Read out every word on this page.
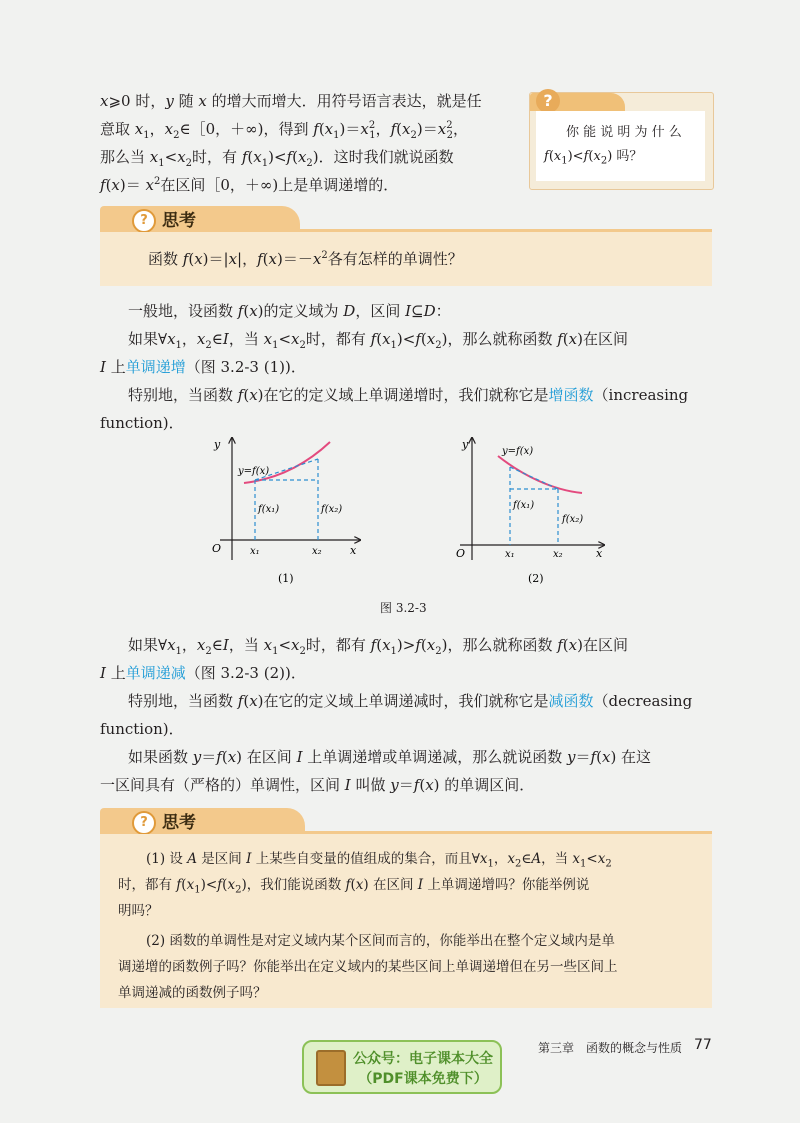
x⩾0 时，y 随 x 的增大而增大．用符号语言表达，就是任
意取 $x_1$，$x_2\in[0$，＋∞)，得到 $f(x_1)=x^2_1$，$f(x_2)=x^2_2$，
那么当 $x_1<x_2$时，有 $f(x_1)<f(x_2)$．这时我们就说函数
$f(x)= x^2$在区间［0，＋∞)上是单调递增的．
?
你 能 说 明 为 什 么
$f(x_1)<f(x_2)$ 吗？
? 思考
函数 f(x)＝|x|，$f(x)=-x^2$各有怎样的单调性？
一般地，设函数 f(x)的定义域为 D，区间 I⊆D：
如果$\forall x_1$，$x_2\in I$，当 $x_1<x_2$时，都有 $f(x_1)<f(x_2)$，那么就称函数 f(x)在区间
I 上单调递增（图 3.2-3 (1))．
特别地，当函数 f(x)在它的定义域上单调递增时，我们就称它是增函数（increasing
function)．
y
O	x
y=f(x)
f(x₁)	f(x₂)
x₁	x₂
(1)
y
O	x
y=f(x)
f(x₁)
f(x₂)
x₁	x₂
(2)
图 3.2-3
如果$\forall x_1$，$x_2\in I$，当 $x_1<x_2$时，都有 $f(x_1)>f(x_2)$，那么就称函数 f(x)在区间
I 上单调递减（图 3.2-3 (2))．
特别地，当函数 f(x)在它的定义域上单调递减时，我们就称它是减函数（decreasing
function)．
如果函数 y＝f(x) 在区间 I 上单调递增或单调递减，那么就说函数 y＝f(x) 在这
一区间具有（严格的）单调性，区间 I 叫做 y＝f(x) 的单调区间．
? 思考
(1) 设 A 是区间 I 上某些自变量的值组成的集合，而且$\forall x_1$，$x_2\in A$，当 $x_1<x_2$
时，都有 $f(x_1)<f(x_2)$，我们能说函数 f(x) 在区间 I 上单调递增吗？你能举例说
明吗？
(2) 函数的单调性是对定义域内某个区间而言的，你能举出在整个定义域内是单
调递增的函数例子吗？你能举出在定义域内的某些区间上单调递增但在另一些区间上
单调递减的函数例子吗？
第三章　函数的概念与性质 77
公众号：电子课本大全
（PDF课本免费下）
